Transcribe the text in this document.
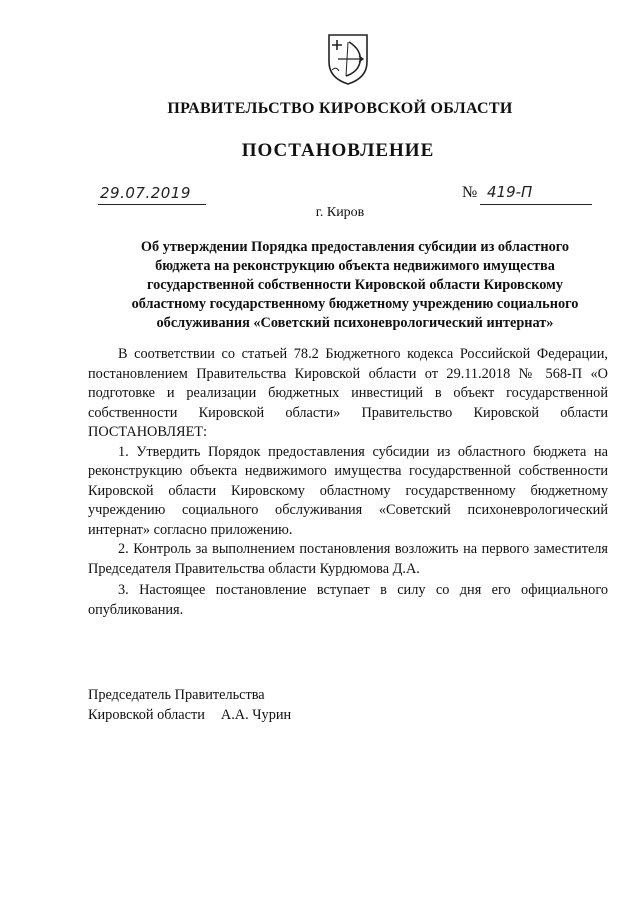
ПРАВИТЕЛЬСТВО КИРОВСКОЙ ОБЛАСТИ
ПОСТАНОВЛЕНИЕ
29.07.2019	№ 419-П
г. Киров
Об утверждении Порядка предоставления субсидии из областного
бюджета на реконструкцию объекта недвижимого имущества
государственной собственности Кировской области Кировскому
областному государственному бюджетному учреждению социального
обслуживания «Советский психоневрологический интернат»

В соответствии со статьей 78.2 Бюджетного кодекса Российской Федерации, постановлением Правительства Кировской области от 29.11.2018 № 568-П «О подготовке и реализации бюджетных инвестиций в объект государственной собственности Кировской области» Правительство Кировской области ПОСТАНОВЛЯЕТ:

1. Утвердить Порядок предоставления субсидии из областного бюджета на реконструкцию объекта недвижимого имущества государственной собственности Кировской области Кировскому областному государственному бюджетному учреждению социального обслуживания «Советский психоневрологический интернат» согласно приложению.

2. Контроль за выполнением постановления возложить на первого заместителя Председателя Правительства области Курдюмова Д.А.

3. Настоящее постановление вступает в силу со дня его официального опубликования.

Председатель Правительства
Кировской области А.А. Чурин
